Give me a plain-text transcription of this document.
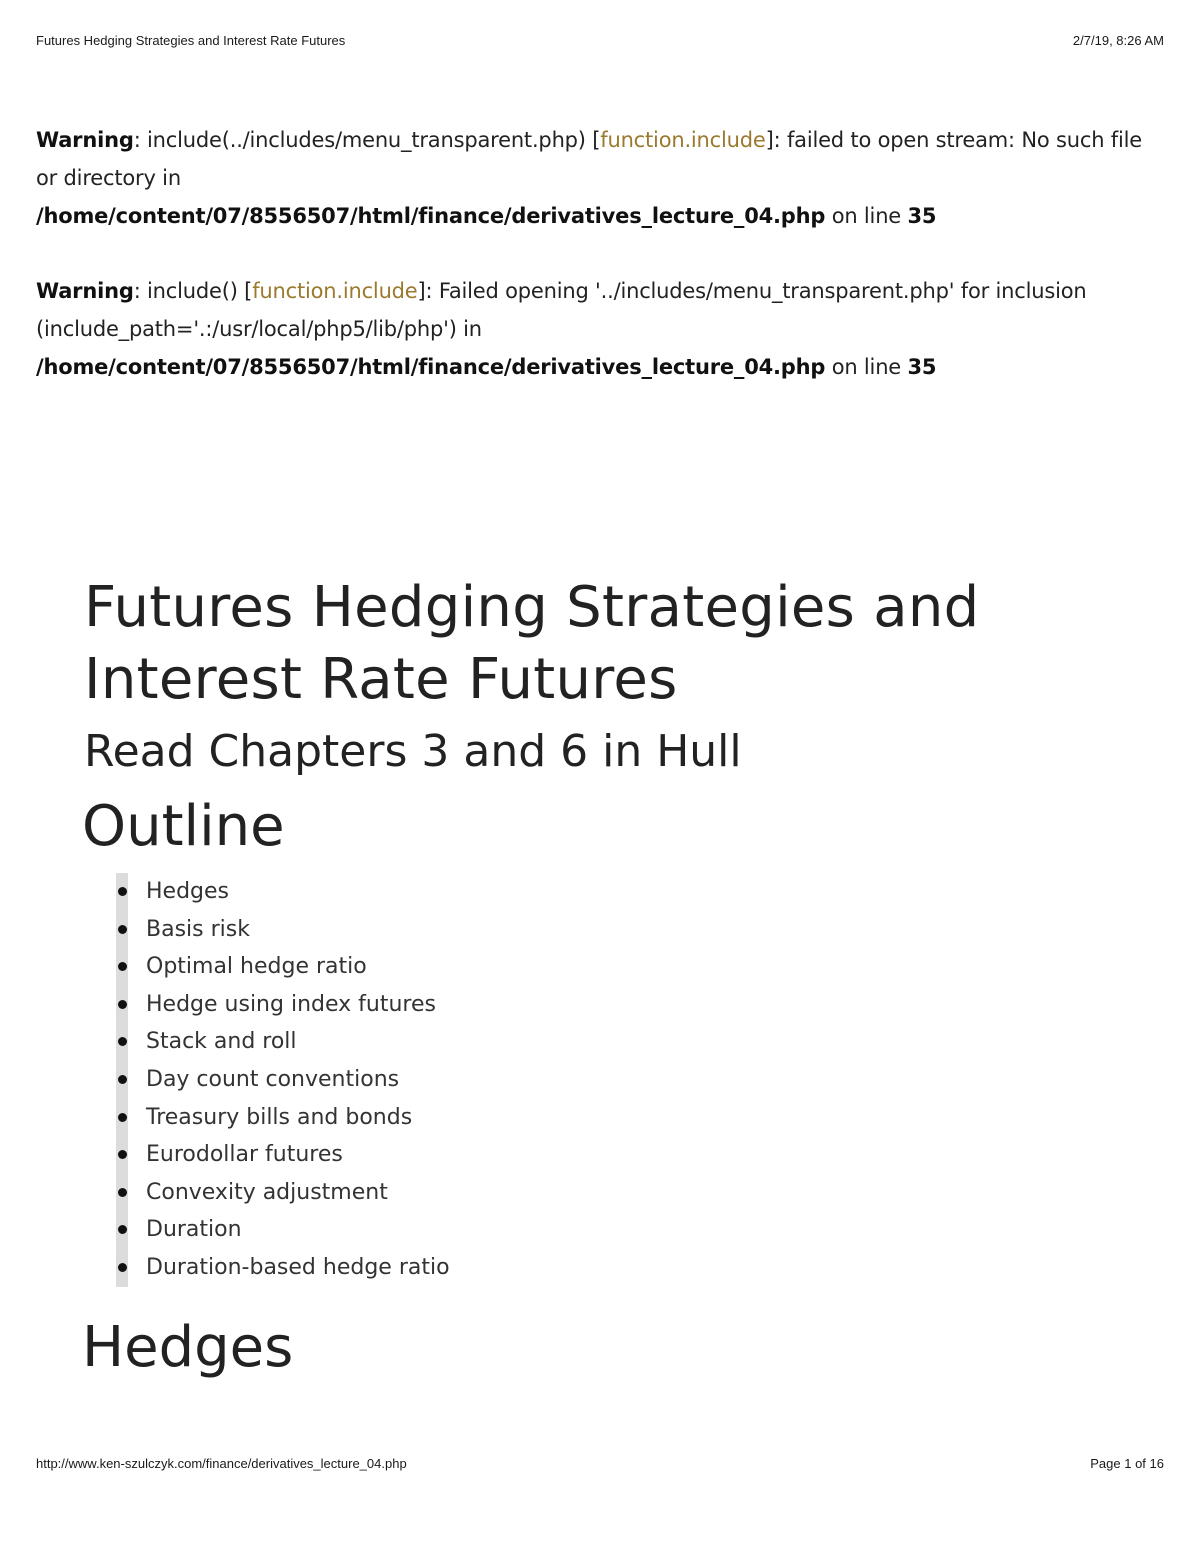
Futures Hedging Strategies and Interest Rate Futures	2/7/19, 8:26 AM
Warning: include(../includes/menu_transparent.php) [function.include]: failed to open stream: No such file or directory in
/home/content/07/8556507/html/finance/derivatives_lecture_04.php on line 35
Warning: include() [function.include]: Failed opening '../includes/menu_transparent.php' for inclusion (include_path='.:/usr/local/php5/lib/php') in
/home/content/07/8556507/html/finance/derivatives_lecture_04.php on line 35
Futures Hedging Strategies and Interest Rate Futures
Read Chapters 3 and 6 in Hull
Outline
Hedges
Basis risk
Optimal hedge ratio
Hedge using index futures
Stack and roll
Day count conventions
Treasury bills and bonds
Eurodollar futures
Convexity adjustment
Duration
Duration-based hedge ratio
Hedges
http://www.ken-szulczyk.com/finance/derivatives_lecture_04.php	Page 1 of 16
